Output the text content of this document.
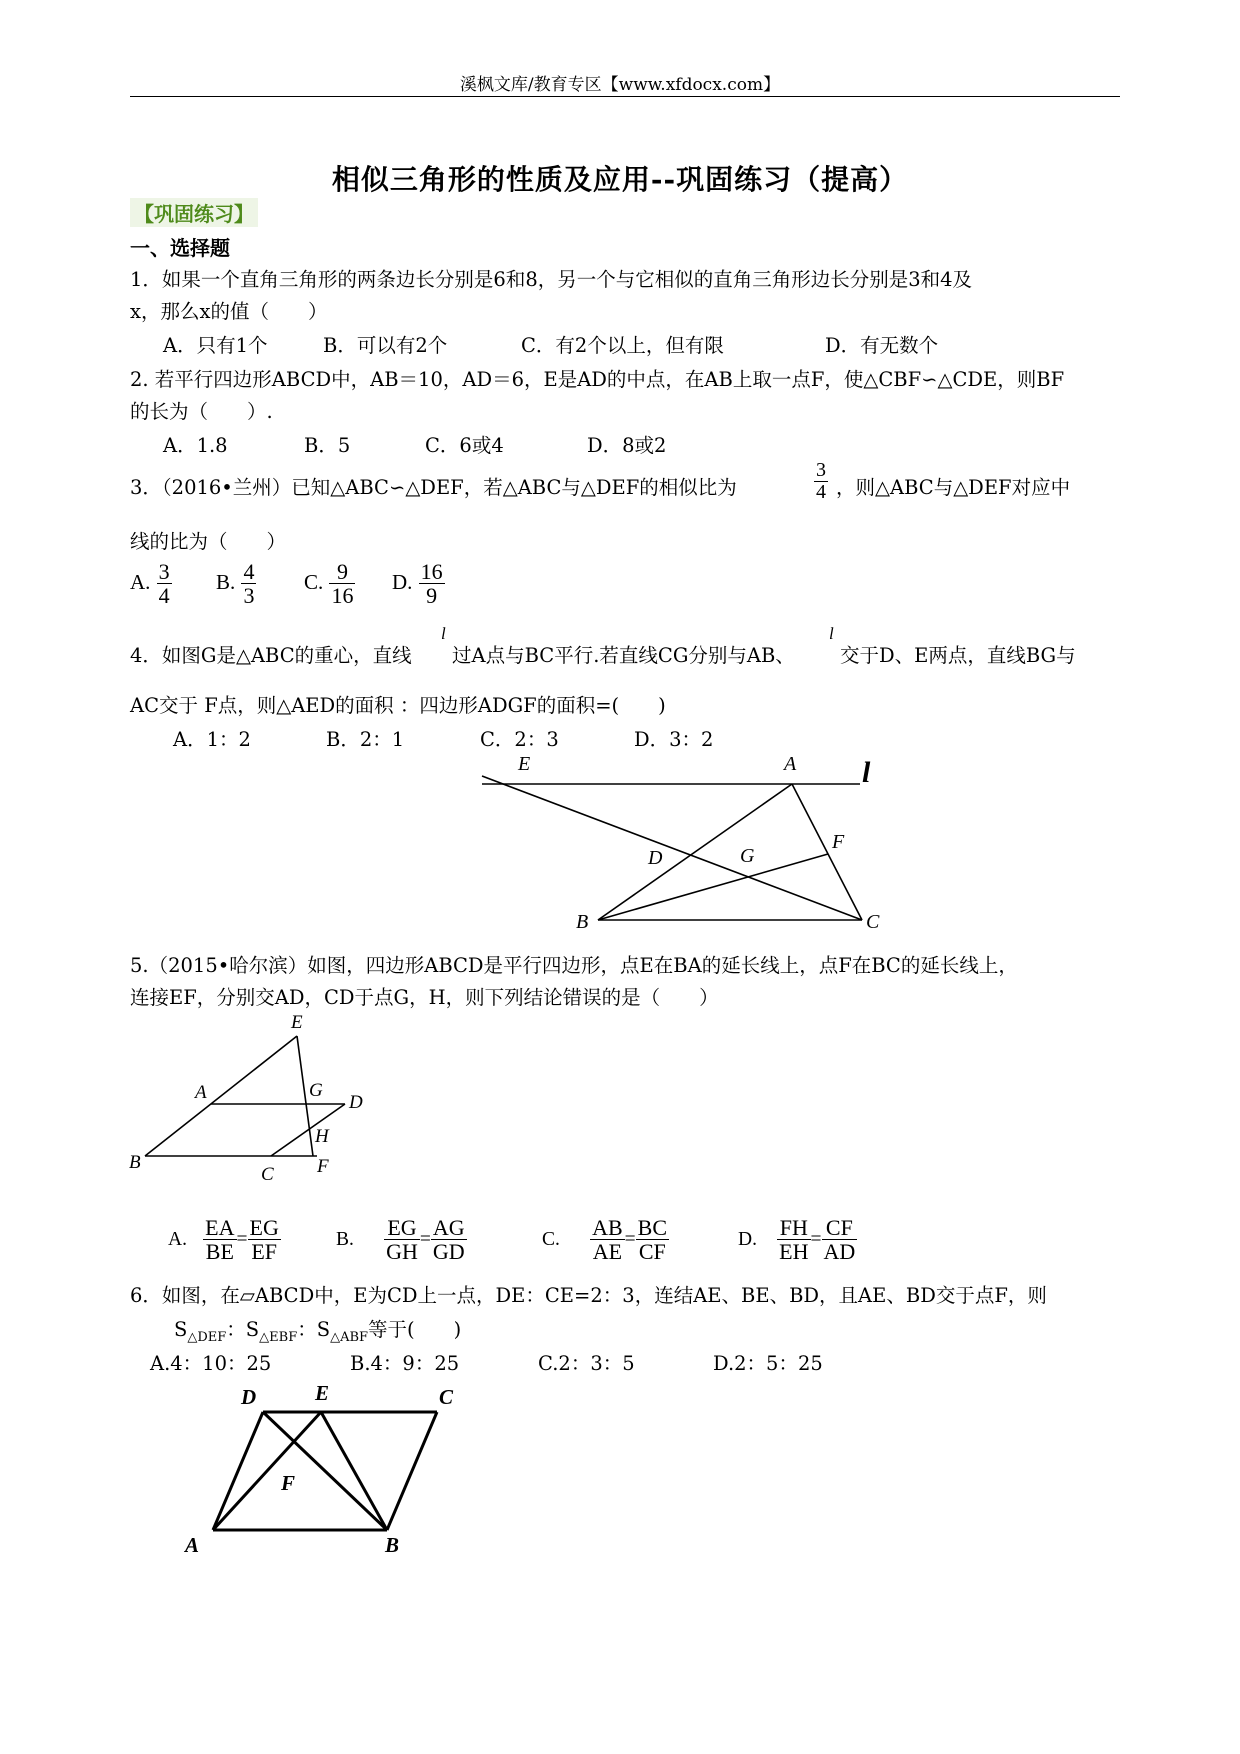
溪枫文库/教育专区【www.xfdocx.com】
相似三角形的性质及应用--巩固练习（提高）
【巩固练习】
一、选择题
1．如果一个直角三角形的两条边长分别是6和8，另一个与它相似的直角三角形边长分别是3和4及
x，那么x的值（　　）
A．只有1个	B．可以有2个	C．有2个以上，但有限	D．有无数个
2. 若平行四边形ABCD中，AB＝10，AD＝6，E是AD的中点，在AB上取一点F，使△CBF∽△CDE，则BF
的长为（　　）.
A．1.8	B．5	C．6或4	D．8或2
3．（2016•兰州）已知△ABC∽△DEF，若△ABC与△DEF的相似比为	$\frac{3}{4}$ ，则△ABC与△DEF对应中
线的比为（　　）
A. $\frac{3}{4} B$. $\frac{4}{3} C$. $\frac{9}{16} D$. $\frac{16}{9}$
4．如图G是△ABC的重心，直线
l
过A点与BC平行.若直线CG分别与AB、
l
交于D、E两点，直线BG与
AC交于 F点，则△AED的面积 ：四边形ADGF的面积=(　　)
A．1：2	B．2：1	C．2：3	D．3：2
E	A l
D	G
F
B	C
5.（2015•哈尔滨）如图，四边形ABCD是平行四边形，点E在BA的延长线上，点F在BC的延长线上，
连接EF，分别交AD，CD于点G，H，则下列结论错误的是（　　）
E
A	G
D
H
B
C F
A. $\frac{EA}{BE} = \frac{EG}{EF}$	B. $\frac{EG}{GH} = \frac{AG}{GD}$	C. $\frac{AB}{AE} = \frac{BC}{CF}$	D. $\frac{FH}{EH} = \frac{CF}{AD}$
6．如图，在▱ABCD中，E为CD上一点，DE：CE=2：3，连结AE、BE、BD，且AE、BD交于点F，则
$S_{\triangle DEF}$：$S_{\triangle EBF}$：$S_{\triangle ABF}$等于(　　)
A.4：10：25	B.4：9：25	C.2：3：5	D.2：5：25
D	E	C
F
A	B
